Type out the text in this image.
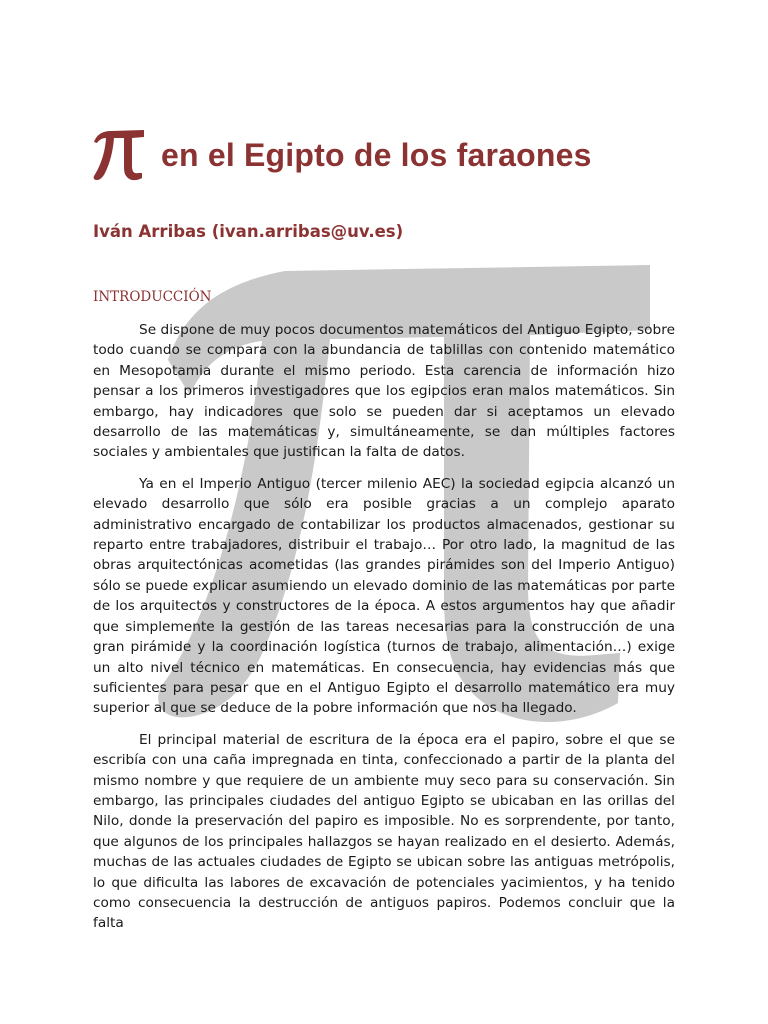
en el Egipto de los faraones
Iván Arribas (ivan.arribas@uv.es)
INTRODUCCIÓN

Se dispone de muy pocos documentos matemáticos del Antiguo Egipto, sobre todo cuando se compara con la abundancia de tablillas con contenido matemático en Mesopotamia durante el mismo periodo. Esta carencia de información hizo pensar a los primeros investigadores que los egipcios eran malos matemáticos. Sin embargo, hay indicadores que solo se pueden dar si aceptamos un elevado desarrollo de las matemáticas y, simultáneamente, se dan múltiples factores sociales y ambientales que justifican la falta de datos.

Ya en el Imperio Antiguo (tercer milenio AEC) la sociedad egipcia alcanzó un elevado desarrollo que sólo era posible gracias a un complejo aparato administrativo encargado de contabilizar los productos almacenados, gestionar su reparto entre trabajadores, distribuir el trabajo… Por otro lado, la magnitud de las obras arquitectónicas acometidas (las grandes pirámides son del Imperio Antiguo) sólo se puede explicar asumiendo un elevado dominio de las matemáticas por parte de los arquitectos y constructores de la época. A estos argumentos hay que añadir que simplemente la gestión de las tareas necesarias para la construcción de una gran pirámide y la coordinación logística (turnos de trabajo, alimentación…) exige un alto nivel técnico en matemáticas. En consecuencia, hay evidencias más que suficientes para pesar que en el Antiguo Egipto el desarrollo matemático era muy superior al que se deduce de la pobre información que nos ha llegado.

El principal material de escritura de la época era el papiro, sobre el que se escribía con una caña impregnada en tinta, confeccionado a partir de la planta del mismo nombre y que requiere de un ambiente muy seco para su conservación. Sin embargo, las principales ciudades del antiguo Egipto se ubicaban en las orillas del Nilo, donde la preservación del papiro es imposible. No es sorprendente, por tanto, que algunos de los principales hallazgos se hayan realizado en el desierto. Además, muchas de las actuales ciudades de Egipto se ubican sobre las antiguas metrópolis, lo que dificulta las labores de excavación de potenciales yacimientos, y ha tenido como consecuencia la destrucción de antiguos papiros. Podemos concluir que la falta
